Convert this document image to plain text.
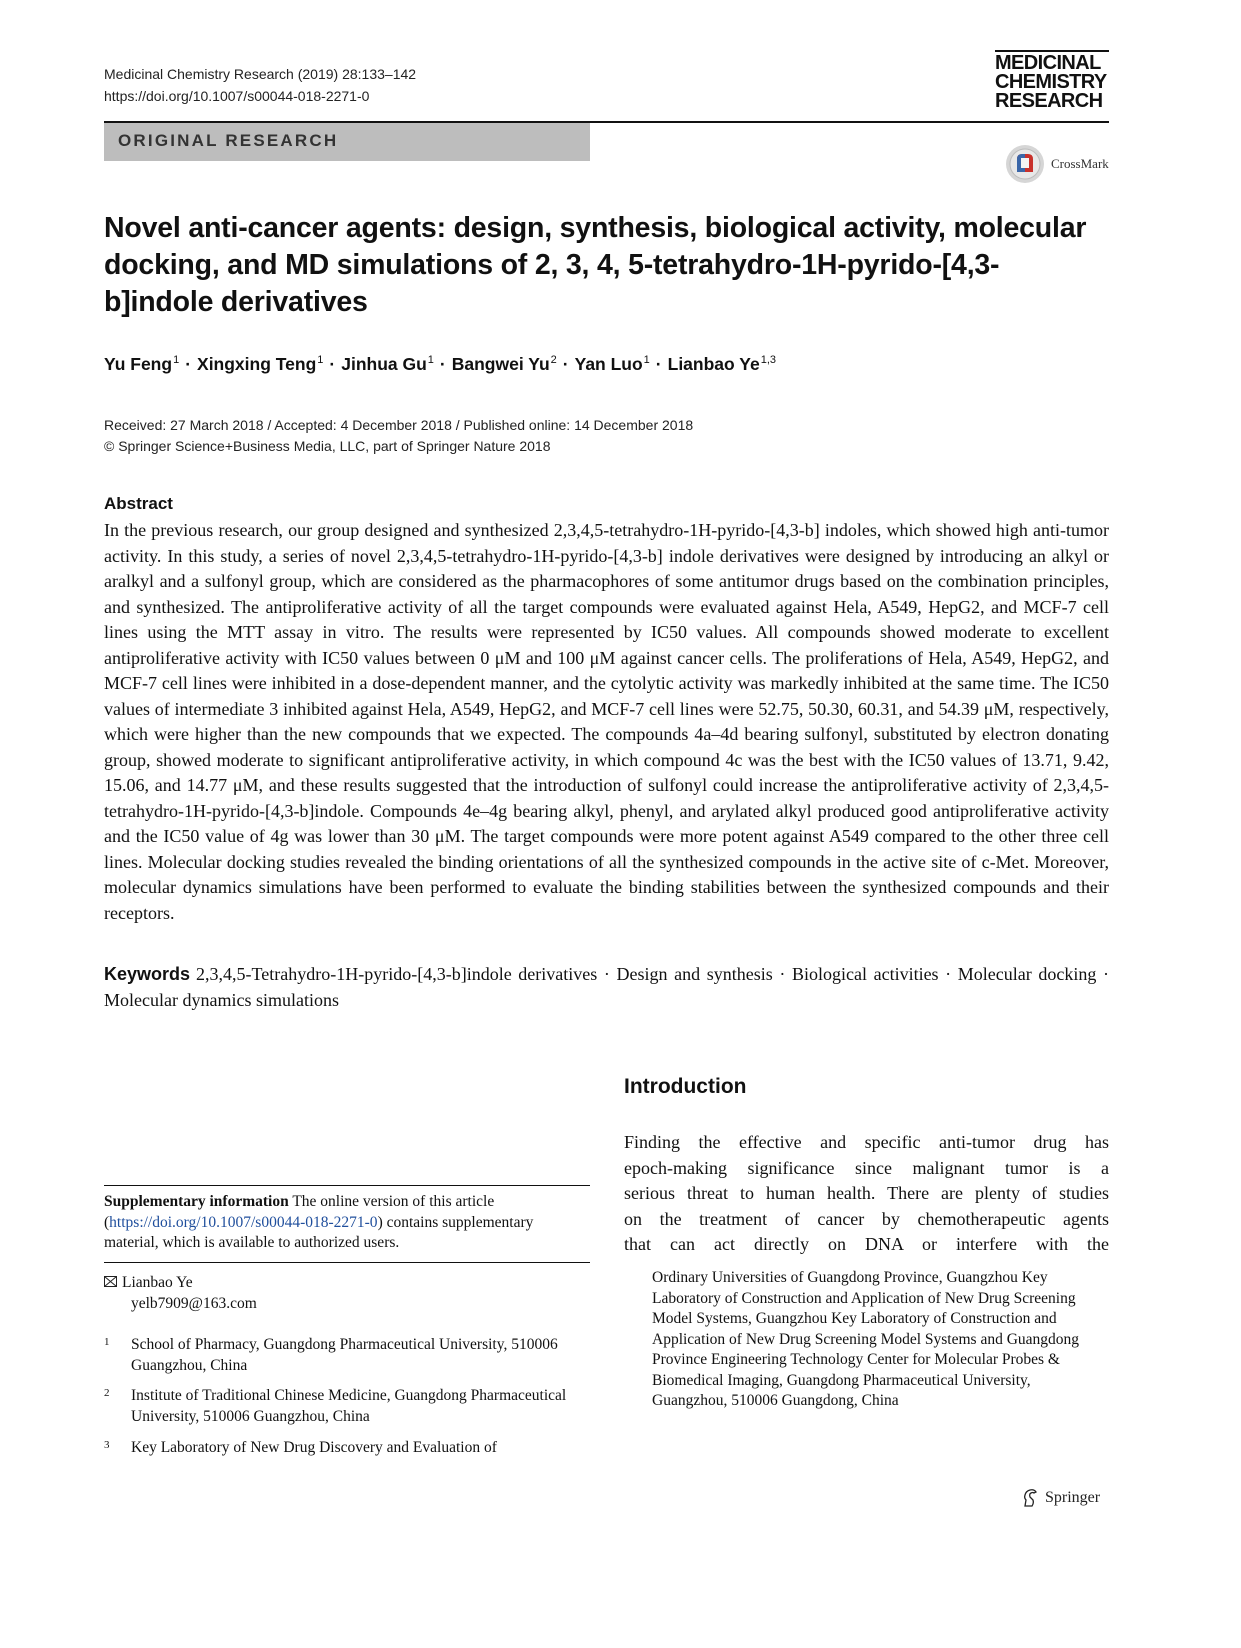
Medicinal Chemistry Research (2019) 28:133–142
https://doi.org/10.1007/s00044-018-2271-0
MEDICINAL
CHEMISTRY
RESEARCH
ORIGINAL RESEARCH
CrossMark
Novel anti-cancer agents: design, synthesis, biological activity, molecular docking, and MD simulations of 2, 3, 4, 5-tetrahydro-1H-pyrido-[4,3-b]indole derivatives
Yu Feng$^1$ · Xingxing Teng$^1$ · Jinhua $Gu^1$ · Bangwei $Yu^2$ · Yan Luo$^1$ · Lianbao Ye$^{1,3}$
Received: 27 March 2018 / Accepted: 4 December 2018 / Published online: 14 December 2018
© Springer Science+Business Media, LLC, part of Springer Nature 2018
Abstract

In the previous research, our group designed and synthesized 2,3,4,5-tetrahydro-1H-pyrido-[4,3-b] indoles, which showed high anti-tumor activity. In this study, a series of novel 2,3,4,5-tetrahydro-1H-pyrido-[4,3-b] indole derivatives were designed by introducing an alkyl or aralkyl and a sulfonyl group, which are considered as the pharmacophores of some antitumor drugs based on the combination principles, and synthesized. The antiproliferative activity of all the target compounds were evaluated against Hela, A549, HepG2, and MCF-7 cell lines using the MTT assay in vitro. The results were represented by IC50 values. All compounds showed moderate to excellent antiproliferative activity with IC50 values between 0 μM and 100 μM against cancer cells. The proliferations of Hela, A549, HepG2, and MCF-7 cell lines were inhibited in a dose-dependent manner, and the cytolytic activity was markedly inhibited at the same time. The IC50 values of intermediate 3 inhibited against Hela, A549, HepG2, and MCF-7 cell lines were 52.75, 50.30, 60.31, and 54.39 μM, respectively, which were higher than the new compounds that we expected. The compounds 4a–4d bearing sulfonyl, substituted by electron donating group, showed moderate to significant antiproliferative activity, in which compound 4c was the best with the IC50 values of 13.71, 9.42, 15.06, and 14.77 μM, and these results suggested that the introduction of sulfonyl could increase the antiproliferative activity of 2,3,4,5-tetrahydro-1H-pyrido-[4,3-b]indole. Compounds 4e–4g bearing alkyl, phenyl, and arylated alkyl produced good antiproliferative activity and the IC50 value of 4g was lower than 30 μM. The target compounds were more potent against A549 compared to the other three cell lines. Molecular docking studies revealed the binding orientations of all the synthesized compounds in the active site of c-Met. Moreover, molecular dynamics simulations have been performed to evaluate the binding stabilities between the synthesized compounds and their receptors.

Keywords 2,3,4,5-Tetrahydro-1H-pyrido-[4,3-b]indole derivatives · Design and synthesis · Biological activities · Molecular docking · Molecular dynamics simulations
Introduction
Finding the effective and specific anti-tumor drug has
epoch-making significance since malignant tumor is a
serious threat to human health. There are plenty of studies
on the treatment of cancer by chemotherapeutic agents
that can act directly on DNA or interfere with the
Supplementary information The online version of this article (https://doi.org/10.1007/s00044-018-2271-0) contains supplementary material, which is available to authorized users.
Lianbao Ye
yelb7909@163.com
1 School of Pharmacy, Guangdong Pharmaceutical University, 510006 Guangzhou, China
2 Institute of Traditional Chinese Medicine, Guangdong Pharmaceutical University, 510006 Guangzhou, China
3 Key Laboratory of New Drug Discovery and Evaluation of
Ordinary Universities of Guangdong Province, Guangzhou Key Laboratory of Construction and Application of New Drug Screening Model Systems, Guangzhou Key Laboratory of Construction and Application of New Drug Screening Model Systems and Guangdong Province Engineering Technology Center for Molecular Probes & Biomedical Imaging, Guangdong Pharmaceutical University, Guangzhou, 510006 Guangdong, China
Springer
